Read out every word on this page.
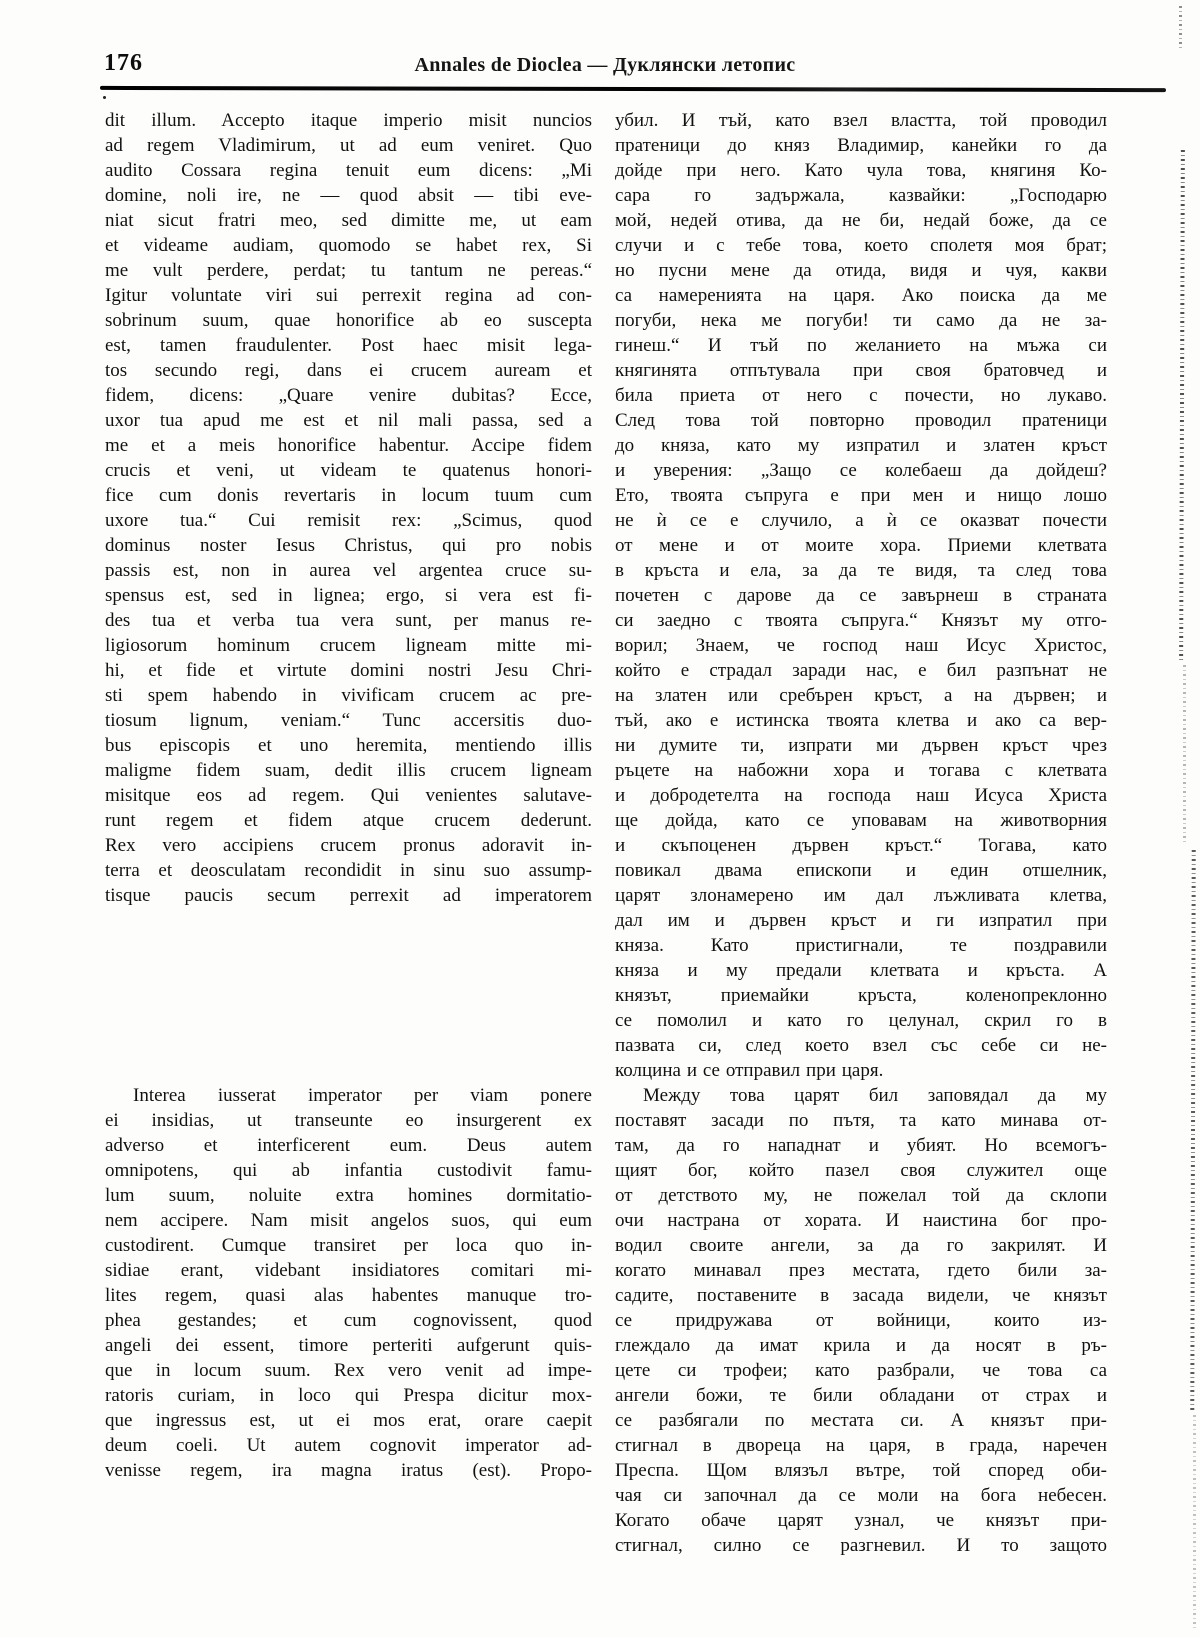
176	Annales de Dioclea — Дуклянски летопис
dit illum. Accepto itaque imperio misit nuncios
ad regem Vladimirum, ut ad eum veniret. Quo
audito Cossara regina tenuit eum dicens: „Mi
domine, noli ire, ne — quod absit — tibi eve-
niat sicut fratri meo, sed dimitte me, ut eam
et videame audiam, quomodo se habet rex, Si
me vult perdere, perdat; tu tantum ne pereas.“
Igitur voluntate viri sui perrexit regina ad con-
sobrinum suum, quae honorifice ab eo suscepta
est, tamen fraudulenter. Post haec misit lega-
tos secundo regi, dans ei crucem auream et
fidem, dicens: „Quare venire dubitas? Ecce,
uxor tua apud me est et nil mali passa, sed a
me et a meis honorifice habentur. Accipe fidem
crucis et veni, ut videam te quatenus honori-
fice cum donis revertaris in locum tuum cum
uxore tua.“ Cui remisit rex: „Scimus, quod
dominus noster Iesus Christus, qui pro nobis
passis est, non in aurea vel argentea cruce su-
spensus est, sed in lignea; ergo, si vera est fi-
des tua et verba tua vera sunt, per manus re-
ligiosorum hominum crucem ligneam mitte mi-
hi, et fide et virtute domini nostri Jesu Chri-
sti spem habendo in vivificam crucem ac pre-
tiosum lignum, veniam.“ Tunc accersitis duo-
bus episcopis et uno heremita, mentiendo illis
maligme fidem suam, dedit illis crucem ligneam
misitque eos ad regem. Qui venientes salutave-
runt regem et fidem atque crucem dederunt.
Rex vero accipiens crucem pronus adoravit in-
terra et deosculatam recondidit in sinu suo assump-
tisque paucis secum perrexit ad imperatorem
Interea iusserat imperator per viam ponere
ei insidias, ut transeunte eo insurgerent ex
adverso et interficerent eum. Deus autem
omnipotens, qui ab infantia custodivit famu-
lum suum, noluite extra homines dormitatio-
nem accipere. Nam misit angelos suos, qui eum
custodirent. Cumque transiret per loca quo in-
sidiae erant, videbant insidiatores comitari mi-
lites regem, quasi alas habentes manuque tro-
phea gestandes; et cum cognovissent, quod
angeli dei essent, timore perteriti aufgerunt quis-
que in locum suum. Rex vero venit ad impe-
ratoris curiam, in loco qui Prespa dicitur mox-
que ingressus est, ut ei mos erat, orare caepit
deum coeli. Ut autem cognovit imperator ad-
venisse regem, ira magna iratus (est). Propo-
убил. И тъй, като взел властта, той проводил
пратеници до княз Владимир, канейки го да
дойде при него. Като чула това, княгиня Ко-
сара го задържала, казвайки: „Господарю
мой, недей отива, да не би, недай боже, да се
случи и с тебе това, което сполетя моя брат;
но пусни мене да отида, видя и чуя, какви
са намеренията на царя. Ако поиска да ме
погуби, нека ме погуби! ти само да не за-
гинеш.“ И тъй по желанието на мъжа си
княгинята отпътувала при своя братовчед и
била приета от него с почести, но лукаво.
След това той повторно проводил пратеници
до княза, като му изпратил и златен кръст
и уверения: „Защо се колебаеш да дойдеш?
Ето, твоята съпруга е при мен и нищо лошо
не ѝ се е случило, а ѝ се оказват почести
от мене и от моите хора. Приеми клетвата
в кръста и ела, за да те видя, та след това
почетен с дарове да се завърнеш в страната
си заедно с твоята съпруга.“ Князът му отго-
ворил; Знаем, че господ наш Исус Христос,
който е страдал заради нас, е бил разпънат не
на златен или сребърен кръст, а на дървен; и
тъй, ако е истинска твоята клетва и ако са вер-
ни думите ти, изпрати ми дървен кръст чрез
ръцете на набожни хора и тогава с клетвата
и добродетелта на господа наш Исуса Христа
ще дойда, като се уповавам на животворния
и скъпоценен дървен кръст.“ Тогава, като
повикал двама епископи и един отшелник,
царят злонамерено им дал лъжливата клетва,
дал им и дървен кръст и ги изпратил при
княза. Като пристигнали, те поздравили
княза и му предали клетвата и кръста. А
князът, приемайки кръста, коленопреклонно
се помолил и като го целунал, скрил го в
пазвата си, след което взел със себе си не-
колцина и се отправил при царя.
Между това царят бил заповядал да му
поставят засади по пътя, та като минава от-
там, да го нападнат и убият. Но всемогъ-
щият бог, който пазел своя служител още
от детството му, не пожелал той да склопи
очи настрана от хората. И наистина бог про-
водил своите ангели, за да го закрилят. И
когато минавал през местата, гдето били за-
садите, поставените в засада видели, че князът
се придружава от войници, които из-
глеждало да имат крила и да носят в ръ-
цете си трофеи; като разбрали, че това са
ангели божи, те били обладани от страх и
се разбягали по местата си. А князът при-
стигнал в двореца на царя, в града, наречен
Преспа. Щом влязъл вътре, той според оби-
чая си започнал да се моли на бога небесен.
Когато обаче царят узнал, че князът при-
стигнал, силно се разгневил. И то защото
